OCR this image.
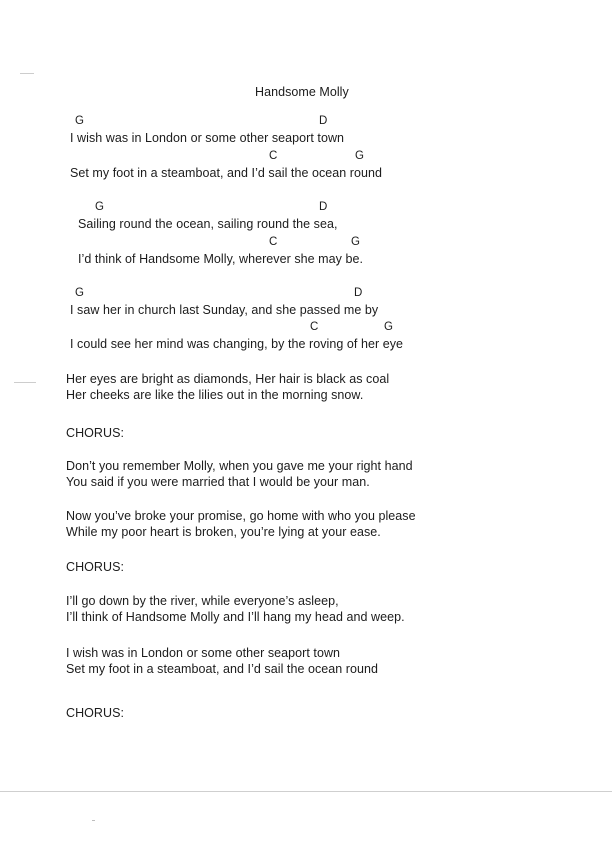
Handsome Molly
G	D
I wish was in London or some other seaport town
C	G
Set my foot in a steamboat, and I’d sail the ocean round
G	D
Sailing round the ocean, sailing round the sea,
C	G
I’d think of Handsome Molly, wherever she may be.
G	D
I saw her in church last Sunday, and she passed me by
C	G
I could see her mind was changing, by the roving of her eye
Her eyes are bright as diamonds, Her hair is black as coal
Her cheeks are like the lilies out in the morning snow.
CHORUS:
Don’t you remember Molly, when you gave me your right hand
You said if you were married that I would be your man.
Now you’ve broke your promise, go home with who you please
While my poor heart is broken, you’re lying at your ease.
CHORUS:
I’ll go down by the river, while everyone’s asleep,
I’ll think of Handsome Molly and I’ll hang my head and weep.
I wish was in London or some other seaport town
Set my foot in a steamboat, and I’d sail the ocean round
CHORUS:
